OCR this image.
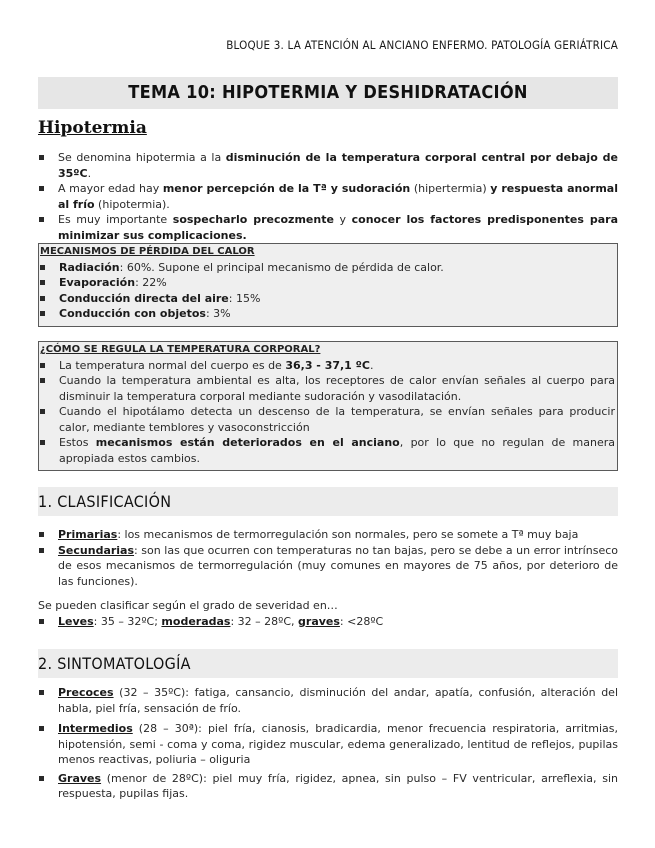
BLOQUE 3. LA ATENCIÓN AL ANCIANO ENFERMO. PATOLOGÍA GERIÁTRICA
TEMA 10: HIPOTERMIA Y DESHIDRATACIÓN
Hipotermia
Se denomina hipotermia a la disminución de la temperatura corporal central por debajo de 35ºC.
A mayor edad hay menor percepción de la Tª y sudoración (hipertermia) y respuesta anormal al frío (hipotermia).
Es muy importante sospecharlo precozmente y conocer los factores predisponentes para minimizar sus complicaciones.
MECANISMOS DE PÉRDIDA DEL CALOR
Radiación: 60%. Supone el principal mecanismo de pérdida de calor.
Evaporación: 22%
Conducción directa del aire: 15%
Conducción con objetos: 3%
¿CÓMO SE REGULA LA TEMPERATURA CORPORAL?
La temperatura normal del cuerpo es de 36,3 - 37,1 ºC.
Cuando la temperatura ambiental es alta, los receptores de calor envían señales al cuerpo para disminuir la temperatura corporal mediante sudoración y vasodilatación.
Cuando el hipotálamo detecta un descenso de la temperatura, se envían señales para producir calor, mediante temblores y vasoconstricción
Estos mecanismos están deteriorados en el anciano, por lo que no regulan de manera apropiada estos cambios.
1. CLASIFICACIÓN
Primarias: los mecanismos de termorregulación son normales, pero se somete a Tª muy baja
Secundarias: son las que ocurren con temperaturas no tan bajas, pero se debe a un error intrínseco de esos mecanismos de termorregulación (muy comunes en mayores de 75 años, por deterioro de las funciones).

Se pueden clasificar según el grado de severidad en…

Leves: 35 – 32ºC; moderadas: 32 – 28ºC, graves: <28ºC
2. SINTOMATOLOGÍA
Precoces (32 – 35ºC): fatiga, cansancio, disminución del andar, apatía, confusión, alteración del habla, piel fría, sensación de frío.
Intermedios (28 – 30ª): piel fría, cianosis, bradicardia, menor frecuencia respiratoria, arritmias, hipotensión, semi - coma y coma, rigidez muscular, edema generalizado, lentitud de reflejos, pupilas menos reactivas, poliuria – oliguria
Graves (menor de 28ºC): piel muy fría, rigidez, apnea, sin pulso – FV ventricular, arreflexia, sin respuesta, pupilas fijas.
